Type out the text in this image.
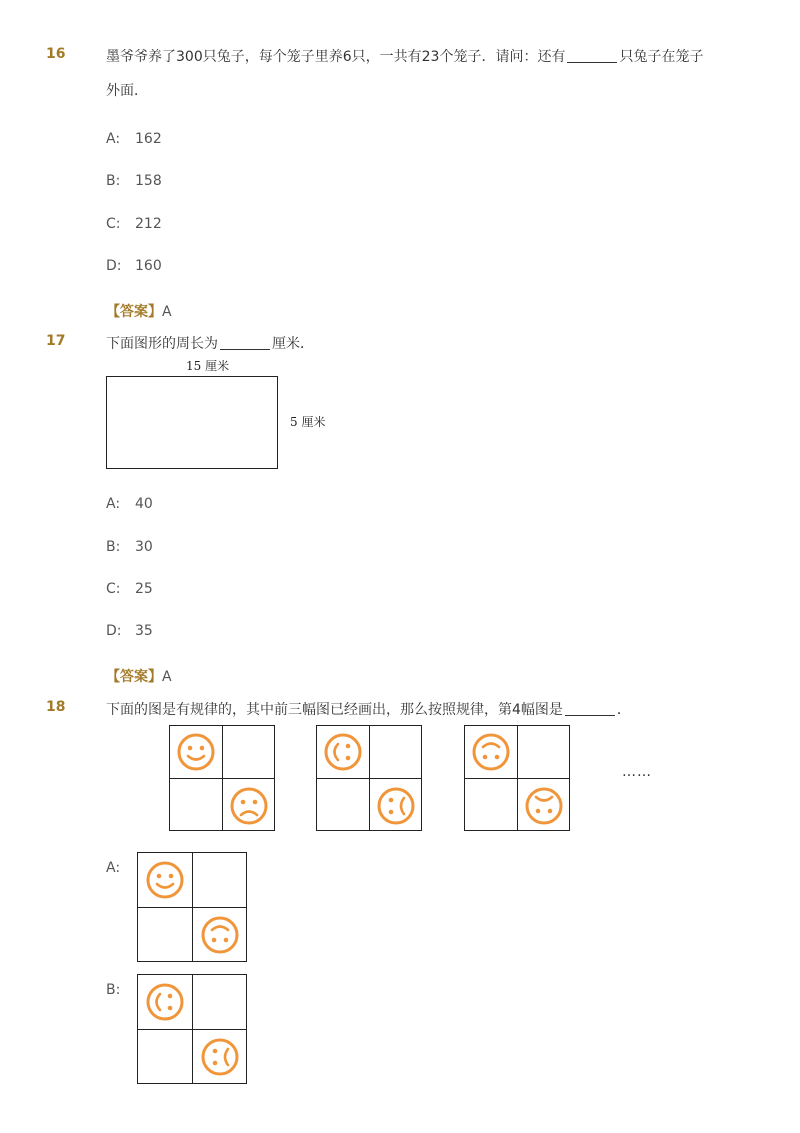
16	墨爷爷养了300只兔子，每个笼子里养6只，一共有23个笼子．请问：还有	只兔子在笼子
外面．
A: 162
B: 158
C: 212
D: 160
【答案】A
17	下面图形的周长为	厘米．
15 厘米
5 厘米
A: 40
B: 30
C: 25
D: 35
【答案】A
18	下面的图是有规律的，其中前三幅图已经画出，那么按照规律，第4幅图是	．
……
A:
B:
